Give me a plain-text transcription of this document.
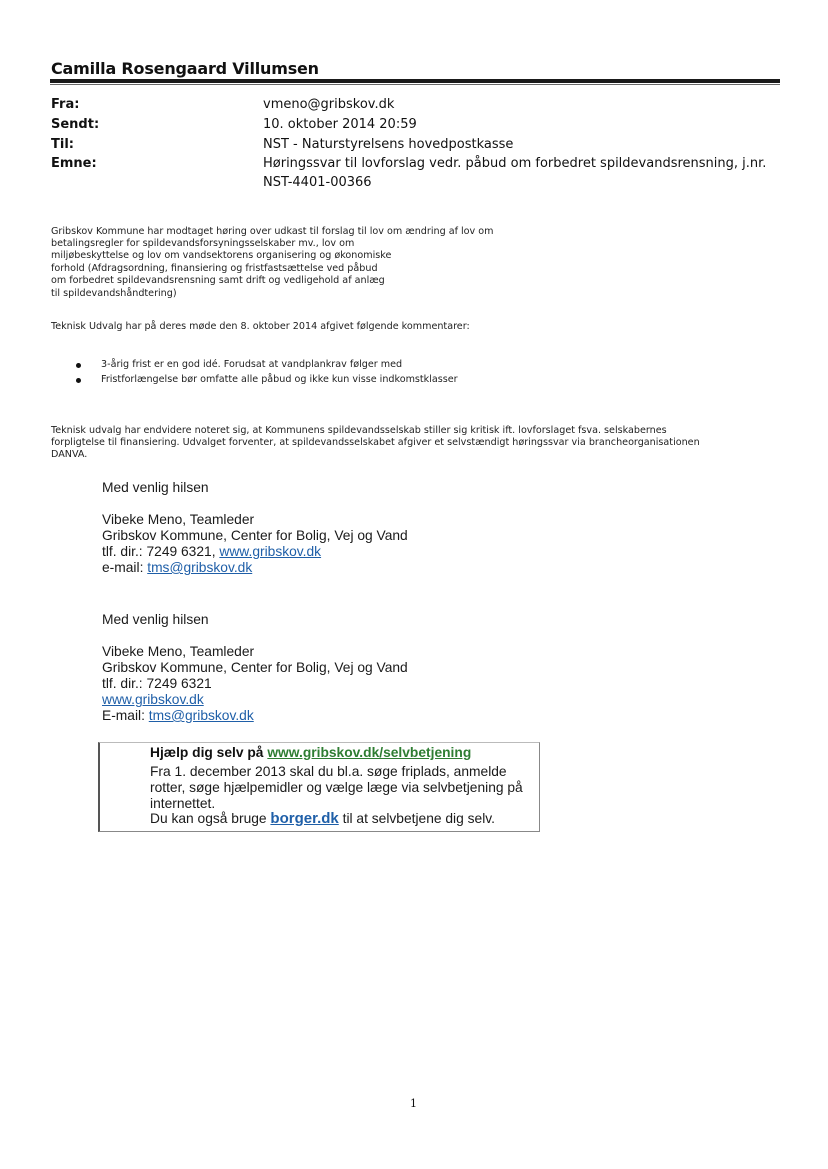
Camilla Rosengaard Villumsen
Fra:	vmeno@gribskov.dk
Sendt:	10. oktober 2014 20:59
Til:	NST - Naturstyrelsens hovedpostkasse
Emne:	Høringssvar til lovforslag vedr. påbud om forbedret spildevandsrensning, j.nr.
NST-4401-00366
Gribskov Kommune har modtaget høring over udkast til forslag til lov om ændring af lov om
betalingsregler for spildevandsforsyningsselskaber mv., lov om
miljøbeskyttelse og lov om vandsektorens organisering og økonomiske
forhold (Afdragsordning, finansiering og fristfastsættelse ved påbud
om forbedret spildevandsrensning samt drift og vedligehold af anlæg
til spildevandshåndtering)
Teknisk Udvalg har på deres møde den 8. oktober 2014 afgivet følgende kommentarer:
3-årig frist er en god idé. Forudsat at vandplankrav følger med
Fristforlængelse bør omfatte alle påbud og ikke kun visse indkomstklasser
Teknisk udvalg har endvidere noteret sig, at Kommunens spildevandsselskab stiller sig kritisk ift. lovforslaget fsva. selskabernes
forpligtelse til finansiering. Udvalget forventer, at spildevandsselskabet afgiver et selvstændigt høringssvar via brancheorganisationen
DANVA.
Med venlig hilsen
Vibeke Meno, Teamleder
Gribskov Kommune, Center for Bolig, Vej og Vand
tlf. dir.: 7249 6321, www.gribskov.dk
e-mail: tms@gribskov.dk
Med venlig hilsen
Vibeke Meno, Teamleder
Gribskov Kommune, Center for Bolig, Vej og Vand
tlf. dir.: 7249 6321
www.gribskov.dk
E-mail: tms@gribskov.dk
Hjælp dig selv på www.gribskov.dk/selvbetjening
Fra 1. december 2013 skal du bl.a. søge friplads, anmelde
rotter, søge hjælpemidler og vælge læge via selvbetjening på
internettet.
Du kan også bruge borger.dk til at selvbetjene dig selv.
1
